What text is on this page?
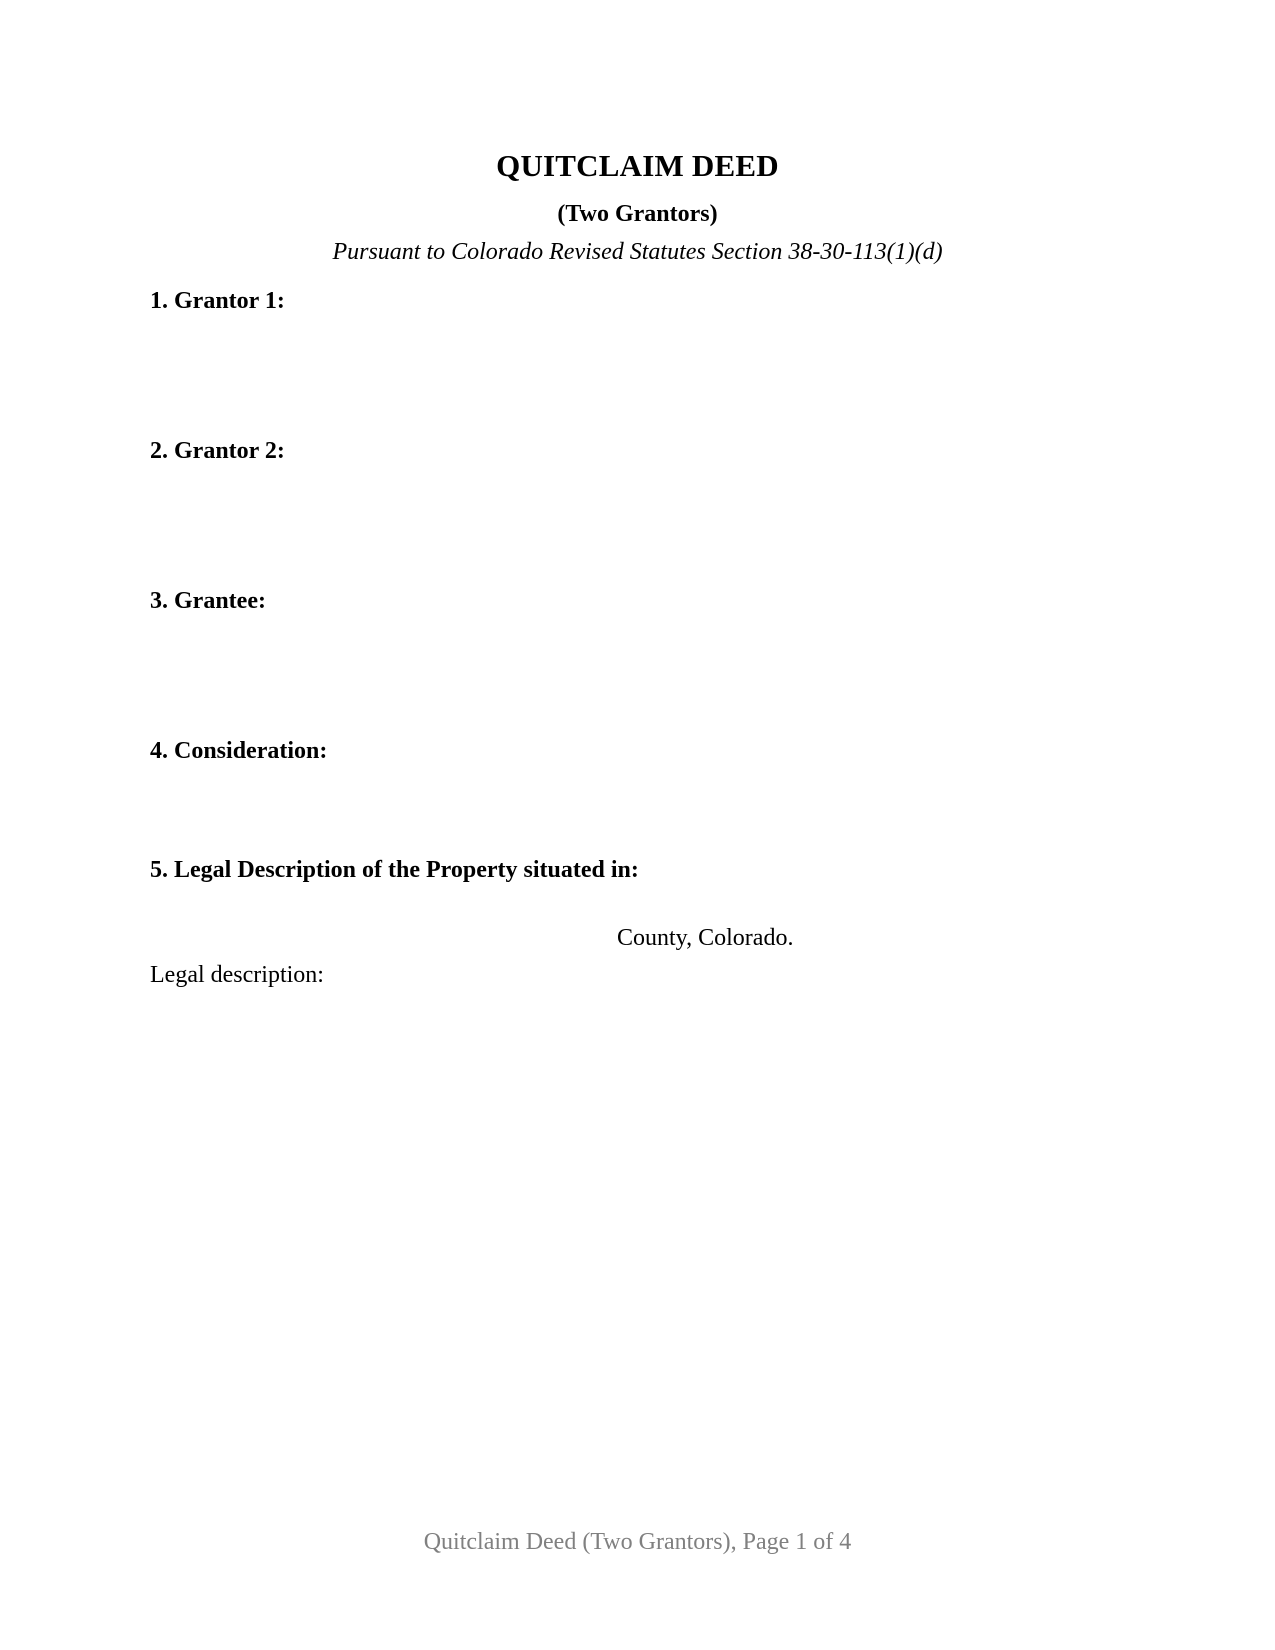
QUITCLAIM DEED
(Two Grantors)
Pursuant to Colorado Revised Statutes Section 38-30-113(1)(d)
1. Grantor 1:
2. Grantor 2:
3. Grantee:
4. Consideration:
5. Legal Description of the Property situated in:
County, Colorado.
Legal description:
Quitclaim Deed (Two Grantors), Page 1 of 4
